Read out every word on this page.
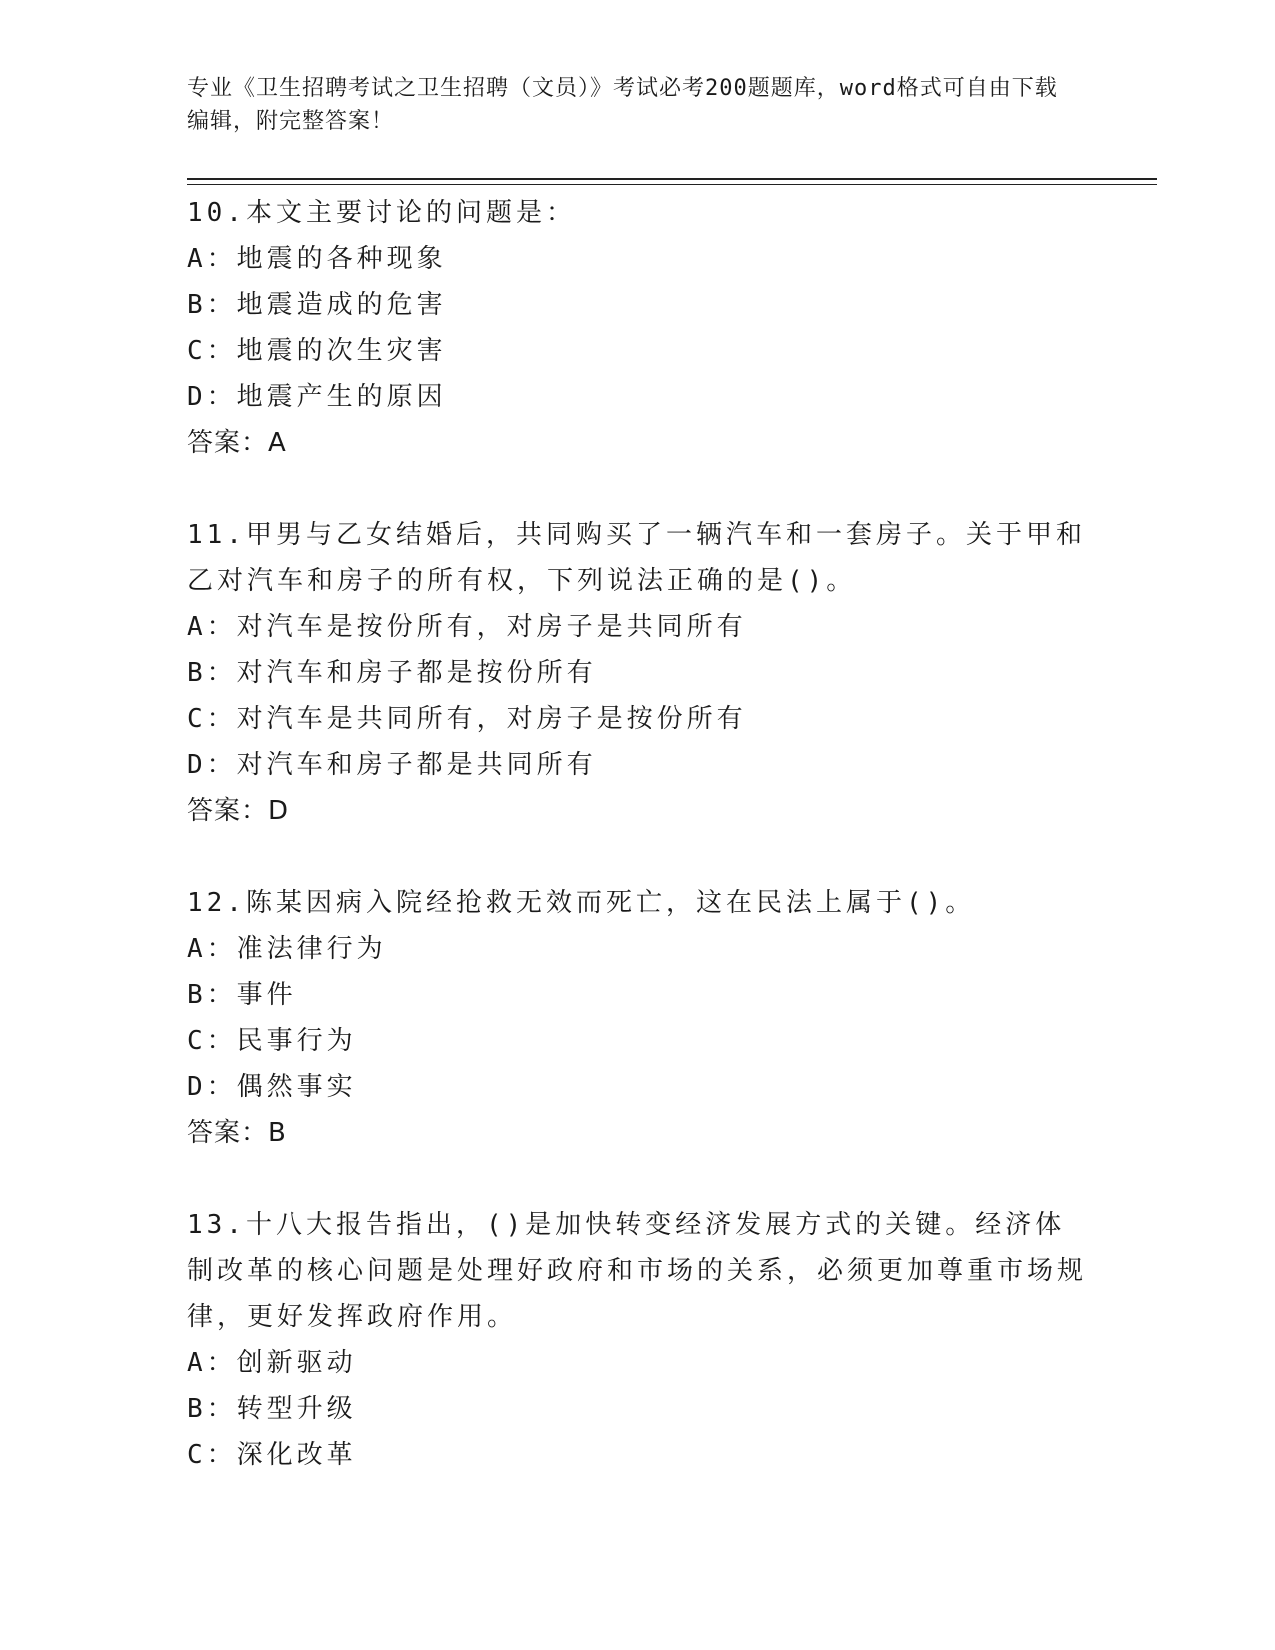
专业《卫生招聘考试之卫生招聘（文员）》考试必考200题题库，word格式可自由下载编辑，附完整答案！
10.本文主要讨论的问题是：
A：地震的各种现象
B：地震造成的危害
C：地震的次生灾害
D：地震产生的原因
答案：A
11.甲男与乙女结婚后，共同购买了一辆汽车和一套房子。关于甲和乙对汽车和房子的所有权，下列说法正确的是()。
A：对汽车是按份所有，对房子是共同所有
B：对汽车和房子都是按份所有
C：对汽车是共同所有，对房子是按份所有
D：对汽车和房子都是共同所有
答案：D
12.陈某因病入院经抢救无效而死亡，这在民法上属于()。
A：准法律行为
B：事件
C：民事行为
D：偶然事实
答案：B
13.十八大报告指出，()是加快转变经济发展方式的关键。经济体制改革的核心问题是处理好政府和市场的关系，必须更加尊重市场规律，更好发挥政府作用。
A：创新驱动
B：转型升级
C：深化改革
